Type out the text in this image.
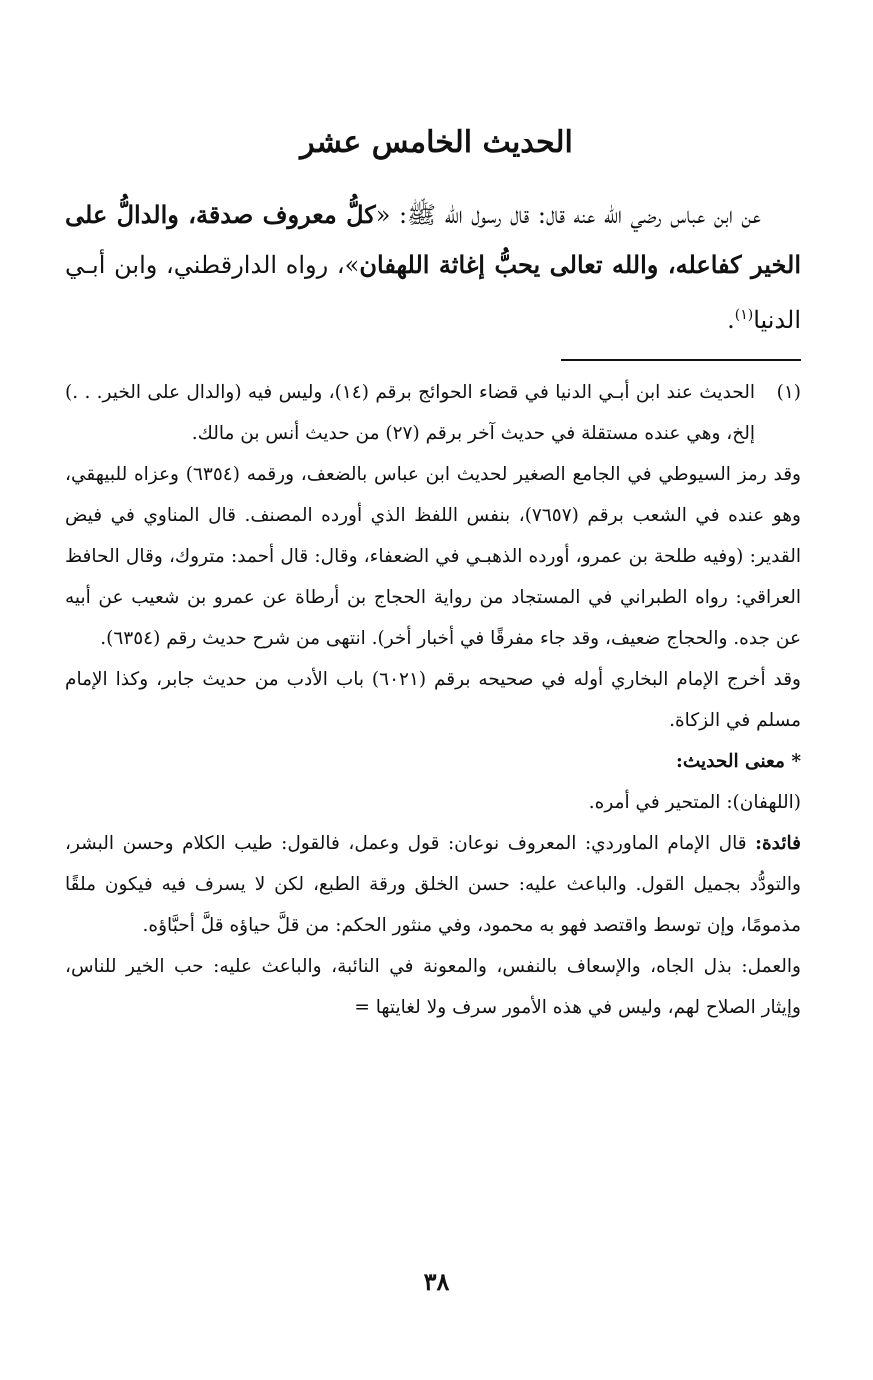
الحديث الخامس عشر

عن ابن عباس رضي الله عنه قال: قال رسول الله ﷺ: «كلُّ معروف صدقة، والدالُّ على الخير كفاعله، والله تعالى يحبُّ إغاثة اللهفان»، رواه الدارقطني، وابن أبـي الدنيا$^{(١)}$.

(١)
الحديث عند ابن أبـي الدنيا في قضاء الحوائج برقم (١٤)، وليس فيه (والدال على الخير. . .) إلخ، وهي عنده مستقلة في حديث آخر برقم (٢٧) من حديث أنس بن مالك.

وقد رمز السيوطي في الجامع الصغير لحديث ابن عباس بالضعف، ورقمه (٦٣٥٤) وعزاه للبيهقي، وهو عنده في الشعب برقم (٧٦٥٧)، بنفس اللفظ الذي أورده المصنف. قال المناوي في فيض القدير: (وفيه طلحة بن عمرو، أورده الذهبـي في الضعفاء، وقال: قال أحمد: متروك، وقال الحافظ العراقي: رواه الطبراني في المستجاد من رواية الحجاج بن أرطاة عن عمرو بن شعيب عن أبيه عن جده. والحجاج ضعيف، وقد جاء مفرقًا في أخبار أخر). انتهى من شرح حديث رقم (٦٣٥٤).

وقد أخرج الإمام البخاري أوله في صحيحه برقم (٦٠٢١) باب الأدب من حديث جابر، وكذا الإمام مسلم في الزكاة.

* معنى الحديث:

(اللهفان): المتحير في أمره.

فائدة: قال الإمام الماوردي: المعروف نوعان: قول وعمل، فالقول: طيب الكلام وحسن البشر، والتودُّد بجميل القول. والباعث عليه: حسن الخلق ورقة الطبع، لكن لا يسرف فيه فيكون ملقًا مذمومًا، وإن توسط واقتصد فهو به محمود، وفي منثور الحكم: من قلَّ حياؤه قلَّ أحبَّاؤه.

والعمل: بذل الجاه، والإسعاف بالنفس، والمعونة في النائبة، والباعث عليه: حب الخير للناس، وإيثار الصلاح لهم، وليس في هذه الأمور سرف ولا لغايتها =

٣٨
